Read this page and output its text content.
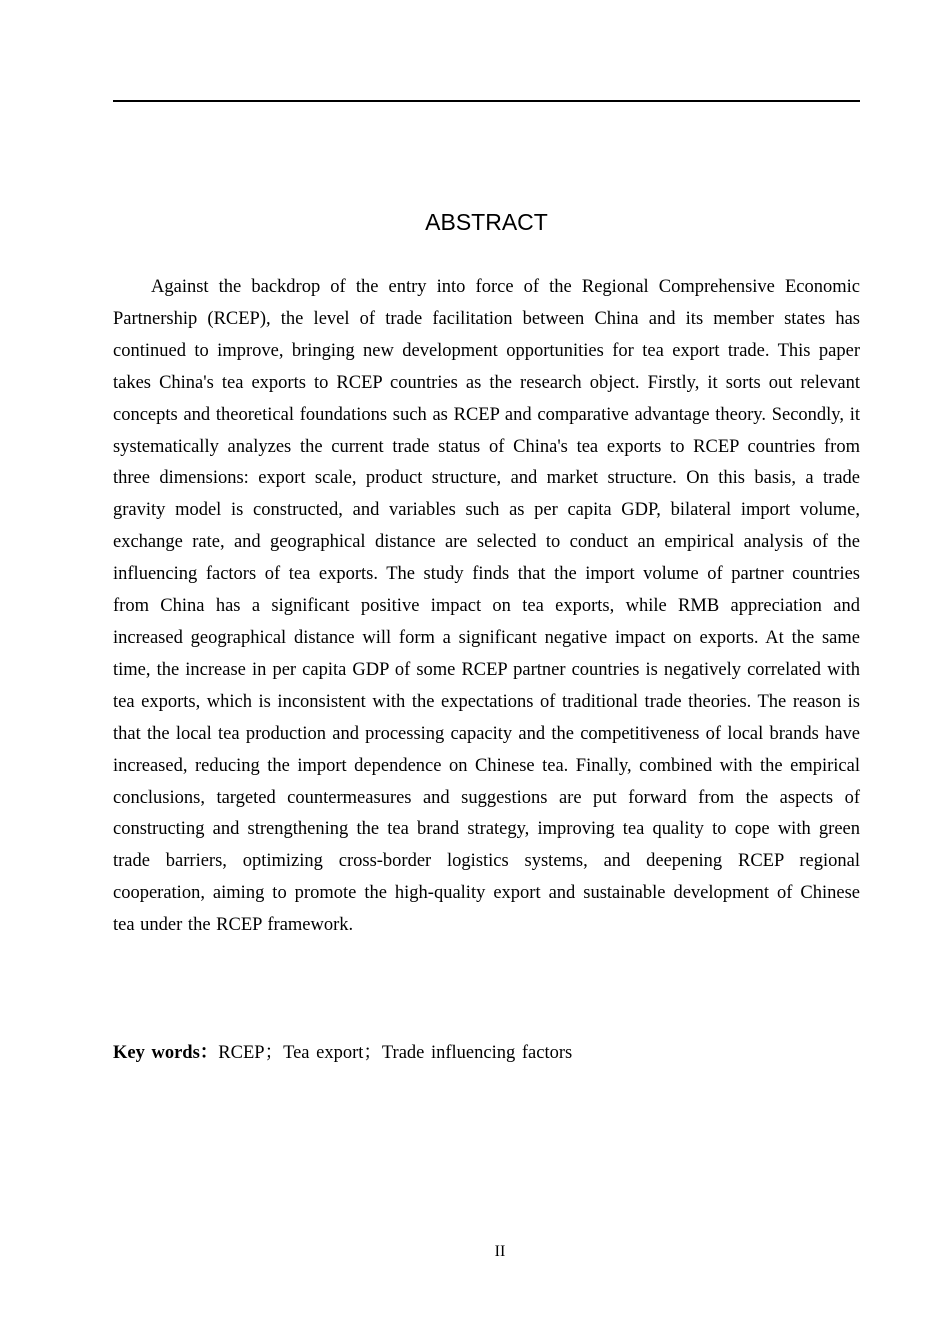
ABSTRACT

Against the backdrop of the entry into force of the Regional Comprehensive Economic Partnership (RCEP), the level of trade facilitation between China and its member states has continued to improve, bringing new development opportunities for tea export trade. This paper takes China's tea exports to RCEP countries as the research object. Firstly, it sorts out relevant concepts and theoretical foundations such as RCEP and comparative advantage theory. Secondly, it systematically analyzes the current trade status of China's tea exports to RCEP countries from three dimensions: export scale, product structure, and market structure. On this basis, a trade gravity model is constructed, and variables such as per capita GDP, bilateral import volume, exchange rate, and geographical distance are selected to conduct an empirical analysis of the influencing factors of tea exports. The study finds that the import volume of partner countries from China has a significant positive impact on tea exports, while RMB appreciation and increased geographical distance will form a significant negative impact on exports. At the same time, the increase in per capita GDP of some RCEP partner countries is negatively correlated with tea exports, which is inconsistent with the expectations of traditional trade theories. The reason is that the local tea production and processing capacity and the competitiveness of local brands have increased, reducing the import dependence on Chinese tea. Finally, combined with the empirical conclusions, targeted countermeasures and suggestions are put forward from the aspects of constructing and strengthening the tea brand strategy, improving tea quality to cope with green trade barriers, optimizing cross-border logistics systems, and deepening RCEP regional cooperation, aiming to promote the high-quality export and sustainable development of Chinese tea under the RCEP framework.

Key words：RCEP；Tea export；Trade influencing factors

II
